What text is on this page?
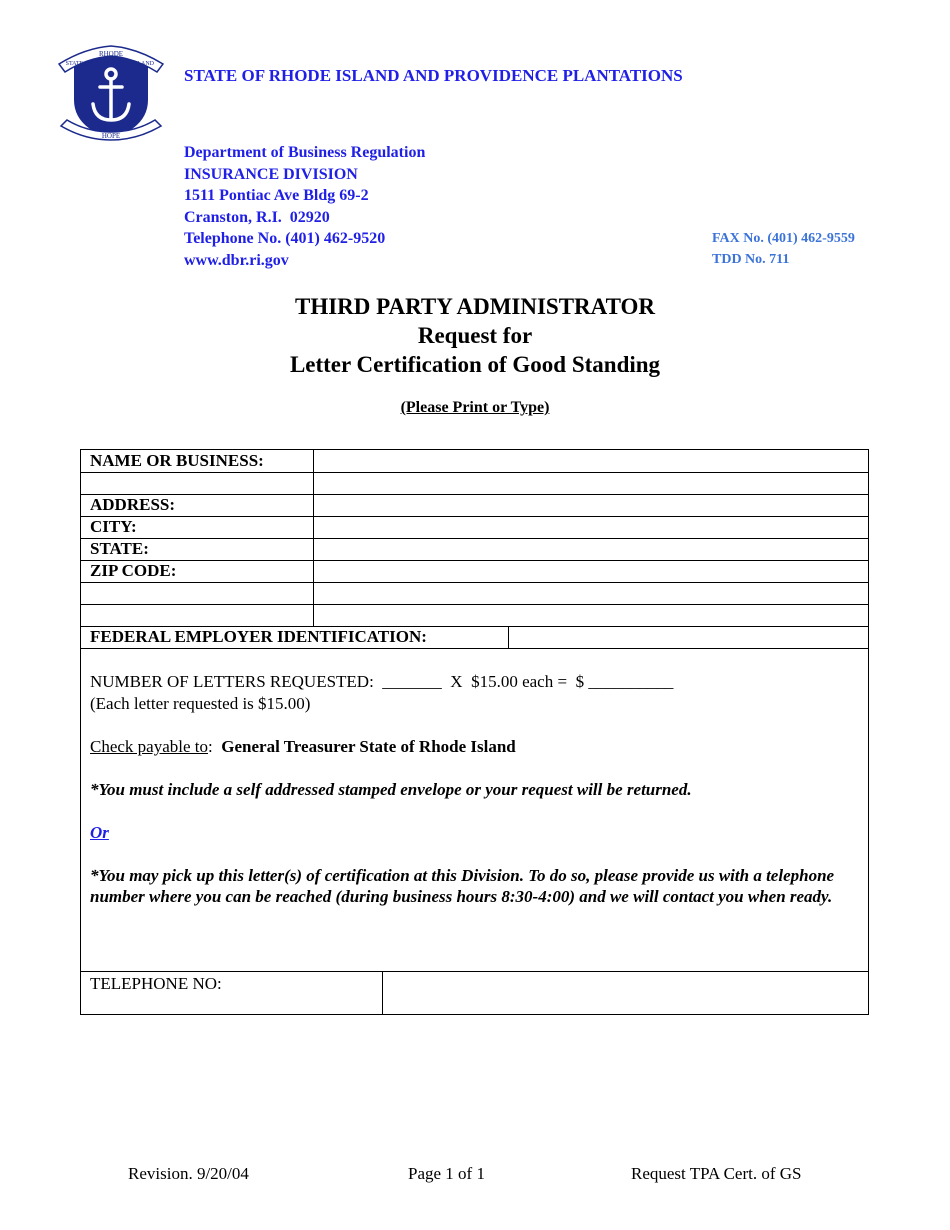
RHODE
STATE OF	ISLAND
HOPE
STATE OF RHODE ISLAND AND PROVIDENCE PLANTATIONS
Department of Business Regulation
INSURANCE DIVISION
1511 Pontiac Ave Bldg 69-2
Cranston, R.I.  02920
Telephone No. (401) 462-9520
www.dbr.ri.gov
FAX No. (401) 462-9559
TDD No. 711
THIRD PARTY ADMINISTRATOR
Request for
Letter Certification of Good Standing
(Please Print or Type)
NAME OR BUSINESS:
ADDRESS:
CITY:
STATE:
ZIP CODE:
FEDERAL EMPLOYER IDENTIFICATION:
NUMBER OF LETTERS REQUESTED:  _______  X  $15.00 each =  $ __________
(Each letter requested is $15.00)
Check payable to:  General Treasurer State of Rhode Island
*You must include a self addressed stamped envelope or your request will be returned.
Or
*You may pick up this letter(s) of certification at this Division. To do so, please provide us with a telephone number where you can be reached (during business hours 8:30-4:00) and we will contact you when ready.
TELEPHONE NO:
Revision. 9/20/04	Page 1 of 1	Request TPA Cert. of GS
